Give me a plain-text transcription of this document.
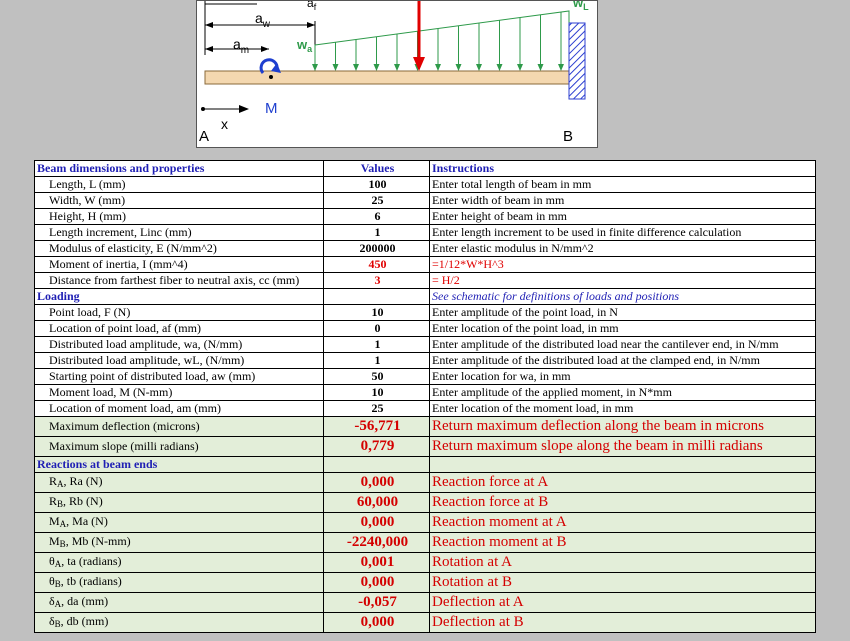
$a_f$
$a_w$
$a_m$	$w_a$
$w_L$
M
x
A	B
Beam dimensions and properties	Values	Instructions
Length, L (mm)	100	Enter total length of beam in mm
Width, W (mm)	25	Enter width of beam in mm
Height, H (mm)	6	Enter height of beam in mm
Length increment, Linc (mm)	1	Enter length increment to be used in finite difference calculation
Modulus of elasticity, E (N/mm^2)	200000	Enter elastic modulus in N/mm^2
Moment of inertia, I (mm^4)	450	=1/12*W*H^3
Distance from farthest fiber to neutral axis, cc (mm)	3	= H/2
Loading		See schematic for definitions of loads and positions
Point load, F (N)	10	Enter amplitude of the point load, in N
Location of point load, af (mm)	0	Enter location of the point load, in mm
Distributed load amplitude, wa, (N/mm)	1	Enter amplitude of the distributed load near the cantilever end, in N/mm
Distributed load amplitude, wL, (N/mm)	1	Enter amplitude of the distributed load at the clamped end, in N/mm
Starting point of distributed load, aw (mm)	50	Enter location for wa, in mm
Moment load, M (N-mm)	10	Enter amplitude of the applied moment, in N*mm
Location of moment load, am (mm)	25	Enter location of the moment load, in mm
Maximum deflection (microns)	-56,771	Return maximum deflection along the beam in microns
Maximum slope (milli radians)	0,779	Return maximum slope along the beam in milli radians
Reactions at beam ends		
$R_A$, Ra (N)	0,000	Reaction force at A
$R_B$, Rb (N)	60,000	Reaction force at B
$M_A$, Ma (N)	0,000	Reaction moment at A
$M_B$, Mb (N-mm)	-2240,000	Reaction moment at B
$\theta_A$, ta (radians)	0,001	Rotation at A
$\theta_B$, tb (radians)	0,000	Rotation at B
$\delta_A$, da (mm)	-0,057	Deflection at A
$\delta_B$, db (mm)	0,000	Deflection at B
